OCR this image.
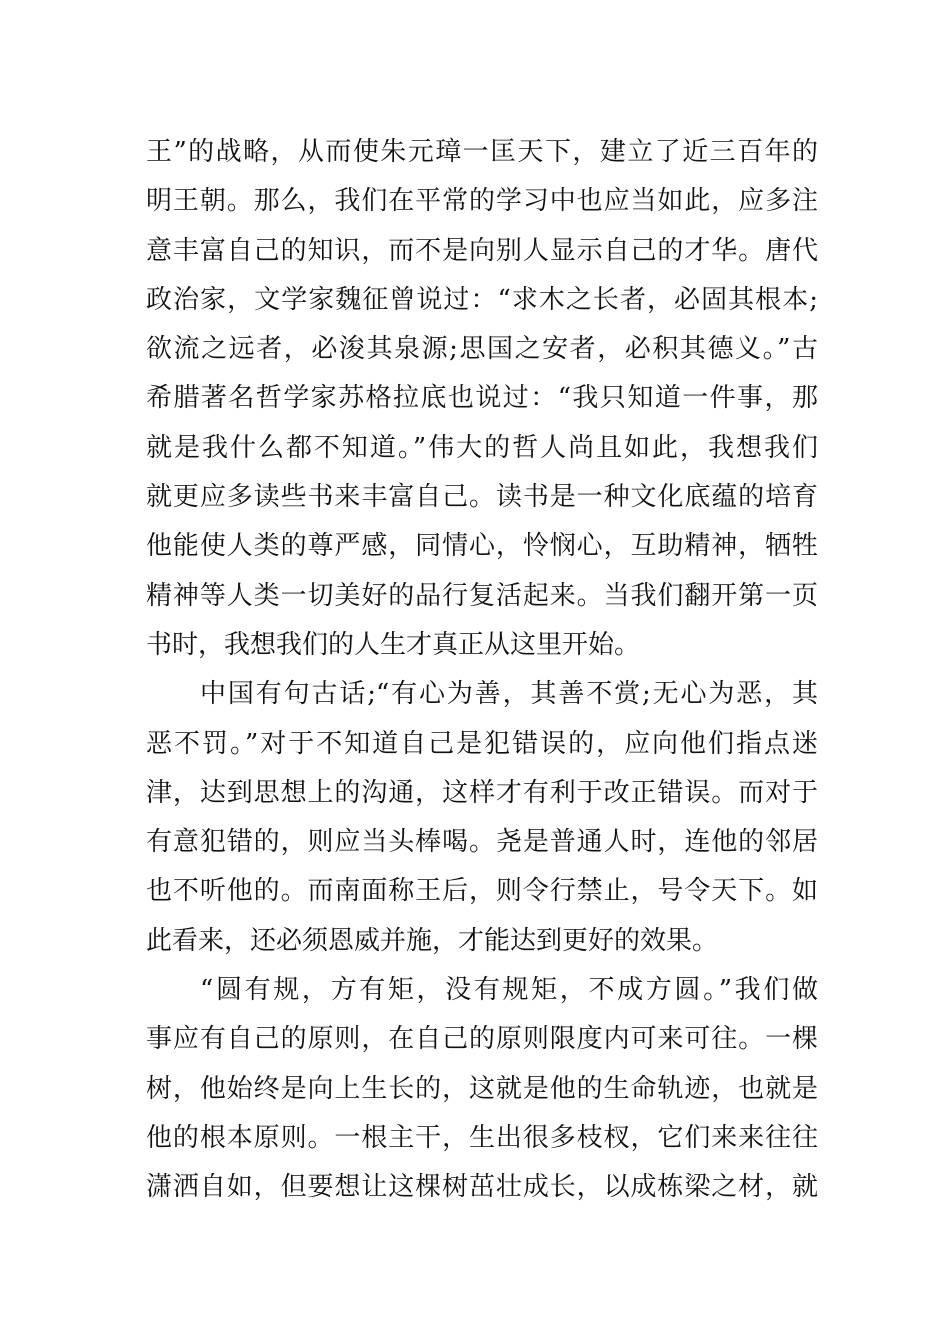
王”的战略，从而使朱元璋一匡天下，建立了近三百年的
明王朝。那么，我们在平常的学习中也应当如此，应多注
意丰富自己的知识，而不是向别人显示自己的才华。唐代
政治家，文学家魏征曾说过：“求木之长者，必固其根本;
欲流之远者，必浚其泉源;思国之安者，必积其德义。”古
希腊著名哲学家苏格拉底也说过：“我只知道一件事，那
就是我什么都不知道。”伟大的哲人尚且如此，我想我们
就更应多读些书来丰富自己。读书是一种文化底蕴的培育
他能使人类的尊严感，同情心，怜悯心，互助精神，牺牲
精神等人类一切美好的品行复活起来。当我们翻开第一页
书时，我想我们的人生才真正从这里开始。
中国有句古话;“有心为善，其善不赏;无心为恶，其
恶不罚。”对于不知道自己是犯错误的，应向他们指点迷
津，达到思想上的沟通，这样才有利于改正错误。而对于
有意犯错的，则应当头棒喝。尧是普通人时，连他的邻居
也不听他的。而南面称王后，则令行禁止，号令天下。如
此看来，还必须恩威并施，才能达到更好的效果。
“圆有规，方有矩，没有规矩，不成方圆。”我们做
事应有自己的原则，在自己的原则限度内可来可往。一棵
树，他始终是向上生长的，这就是他的生命轨迹，也就是
他的根本原则。一根主干，生出很多枝杈，它们来来往往
潇洒自如，但要想让这棵树茁壮成长，以成栋梁之材，就
